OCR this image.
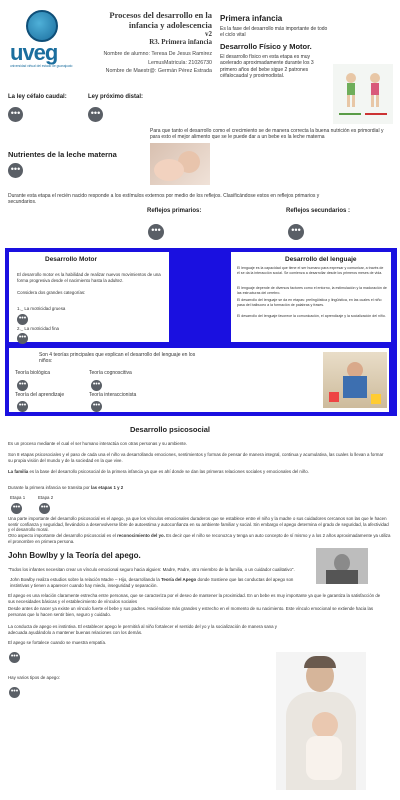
uveg
universidad virtual del estado de guanajuato
Procesos del desarrollo en la infancia y adolescencia
v2
R3. Primera infancia
Nombre de alumno: Teresa De Jesus Ramirez
LemusMatricula: 21026730
Nombre de Maestr@: Germán Pérez Estrada
Primera infancia
Es la fase del desarrollo más importante de todo el ciclo vital
Desarrollo Físico y Motor.
El desarrollo físico en esta etapa es muy acelerado aproximadamente durante los 3 primero años del bebe sigue 2 patrones céfalocaudal y proximodistal.
La ley céfalo caudal:
•••
Ley próximo distal:
•••
Para que tanto el desarrollo como el crecimiento se de manera correcta la buena nutrición es primordial y para esto el mejor alimento que se le puede dar a un bebe es la leche materna
Nutrientes de la leche materna
•••
Durante esta etapa el recién nacido responde a los estímulos externos por medio de los reflejos. Clasificándose estos en reflejos primarios y secundarios.
Reflejos primarios:
•••
Reflejos secundarios :
•••
Desarrollo Motor
El desarrollo motor es la habilidad de realizar nuevos movimientos de una forma progresiva desde el nacimiento hasta la adultez.
Considera dos grandes categorías:
1._ La motricidad gruesa
•••
2._ La motricidad fina
•••
Desarrollo del lenguaje
El lenguaje es la capacidad que tiene el ser humano para expresar y comunicar, a través de él se da la interacción social. Se comienza a desarrollar desde los primeros meses de vida.
El lenguaje depende de diversos factores como el entorno, la estimulación y la maduración de las estructuras del cerebro.
El desarrollo del lenguaje se da en etapas: prelingüística y lingüística, en las cuales el niño pasa del balbuceo a la formación de palabras y frases.
El desarrollo del lenguaje favorece la comunicación, el aprendizaje y la socialización del niño.
Son 4 teorías principales que explican el desarrollo del lenguaje en los niños:
Teoría biológica
•••
Teoría cognoscitiva
•••
Teoría del aprendizaje
•••
Teoría interaccionista
•••
Desarrollo psicosocial
Es un proceso mediante el cual el ser humano interactúa con otras personas y su ambiente.
Son 8 etapas psicosociales y el paso de cada una el niño va desarrollando emociones, sentimientos y formas de pensar de manera integral, continua y acumulativa, las cuales lo llevan a formar su propia visión del mundo y de la sociedad en la que vive.
La familia es la base del desarrollo psicosocial de la primera infancia ya que es ahí donde se dan las primeras relaciones sociales y emocionales del niño.
Durante la primera infancia se transita por las etapas 1 y 2
Etapa 1
•••
Etapa 2
•••
Una parte importante del desarrollo psicosocial es el apego, ya que los vínculos emocionales duraderos que se establece entre el niño y la madre o sus cuidadores cercanos son las que le hacen sentir confianza y seguridad, llevándolo a desenvolverse libre de autoestima y autoconfianza en su ambiente familiar y social. Sin embargo el apego determina el grado de seguridad, la afectividad y el desarrollo moral.
Otro aspecto importante del desarrollo psicosocial es el reconocimiento del yo. Es decir que el niño se reconozca y tenga un auto concepto de sí mismo y a los 2 años aproximadamente ya utiliza el pronombre en primera persona.
John Bowlby y la Teoría del apego.
"Todos los infantes necesitan crear un vínculo emocional seguro hacia alguien: Madre, Padre, otro miembro de la familia, o un cuidador cualitativo".
John Bowlby realiza estudios sobre la relación Madre – Hijo, desarrollando la Teoría del Apego donde Sostiene que las conductas del apego son instintivas y tienen a aparecer cuando hay miedo, inseguridad y separación.
El apego es una relación claramente estrecha entre personas, que se caracteriza por el deseo de mantener la proximidad. En un bebe es muy importante ya que le garantiza la satisfacción de sus necesidades básicas y el establecimiento de vínculos sociales
Desde antes de nacer ya existe un vínculo fuerte el bebe y sus padres. Haciéndose más grandes y estrecho en el momento de su nacimiento. Este vínculo emocional se extiende hacia las personas que lo hacen sentir bien, seguro y cuidado.
La conducta de apego es instintiva. El establecer apego le permitirá al niño fortalecer el sentido del yo y la socialización de manera sana y adecuada ayudándolo a mantener buenas relaciones con los demás.
El apego se fortalece cuando se muestra empatía.
•••
Hay varios tipos de apego:
•••
